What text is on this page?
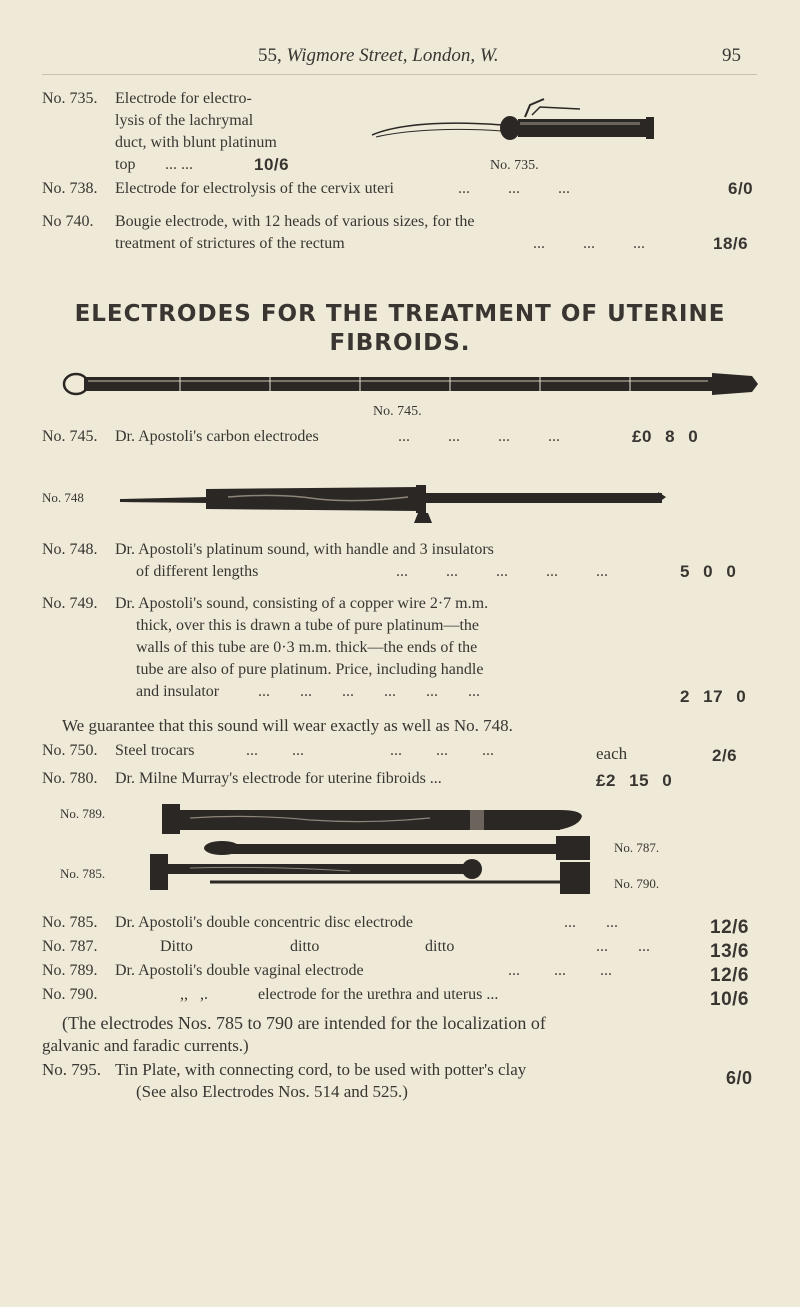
55, Wigmore Street, London, W.	95
No. 735. Electrode for electro-
lysis of the lachrymal
duct, with blunt platinum
top ... ...	10/6	No. 735.
No. 738. Electrode for electrolysis of the cervix uteri	... ... ...	6/0
No 740. Bougie electrode, with 12 heads of various sizes, for the
treatment of strictures of the rectum	... ... ...	18/6
ELECTRODES FOR THE TREATMENT OF UTERINE
FIBROIDS.
No. 745.
No. 745. Dr. Apostoli's carbon electrodes	... ... ... ...	£0 8 0
No. 748
No. 748. Dr. Apostoli's platinum sound, with handle and 3 insulators
of different lengths	... ... ... ... ...	5 0 0
No. 749. Dr. Apostoli's sound, consisting of a copper wire 2·7 m.m.
thick, over this is drawn a tube of pure platinum—the
walls of this tube are 0·3 m.m. thick—the ends of the
tube are also of pure platinum. Price, including handle
and insulator ... ... ... ... ... ...	2 17 0
We guarantee that this sound will wear exactly as well as No. 748.
No. 750. Steel trocars	... ...	... ... ...	each	2/6
No. 780. Dr. Milne Murray's electrode for uterine fibroids ...	£2 15 0
No. 789.
No. 785.
No. 787.
No. 790.
No. 785. Dr. Apostoli's double concentric disc electrode	... ...	12/6
No. 787.	Ditto	ditto	ditto	... ...	13/6
No. 789. Dr. Apostoli's double vaginal electrode	... ... ...	12/6
No. 790.	,,   ,.	electrode for the urethra and uterus ...	10/6
(The electrodes Nos. 785 to 790 are intended for the localization of
galvanic and faradic currents.)
No. 795. Tin Plate, with connecting cord, to be used with potter's clay
(See also Electrodes Nos. 514 and 525.)
6/0
